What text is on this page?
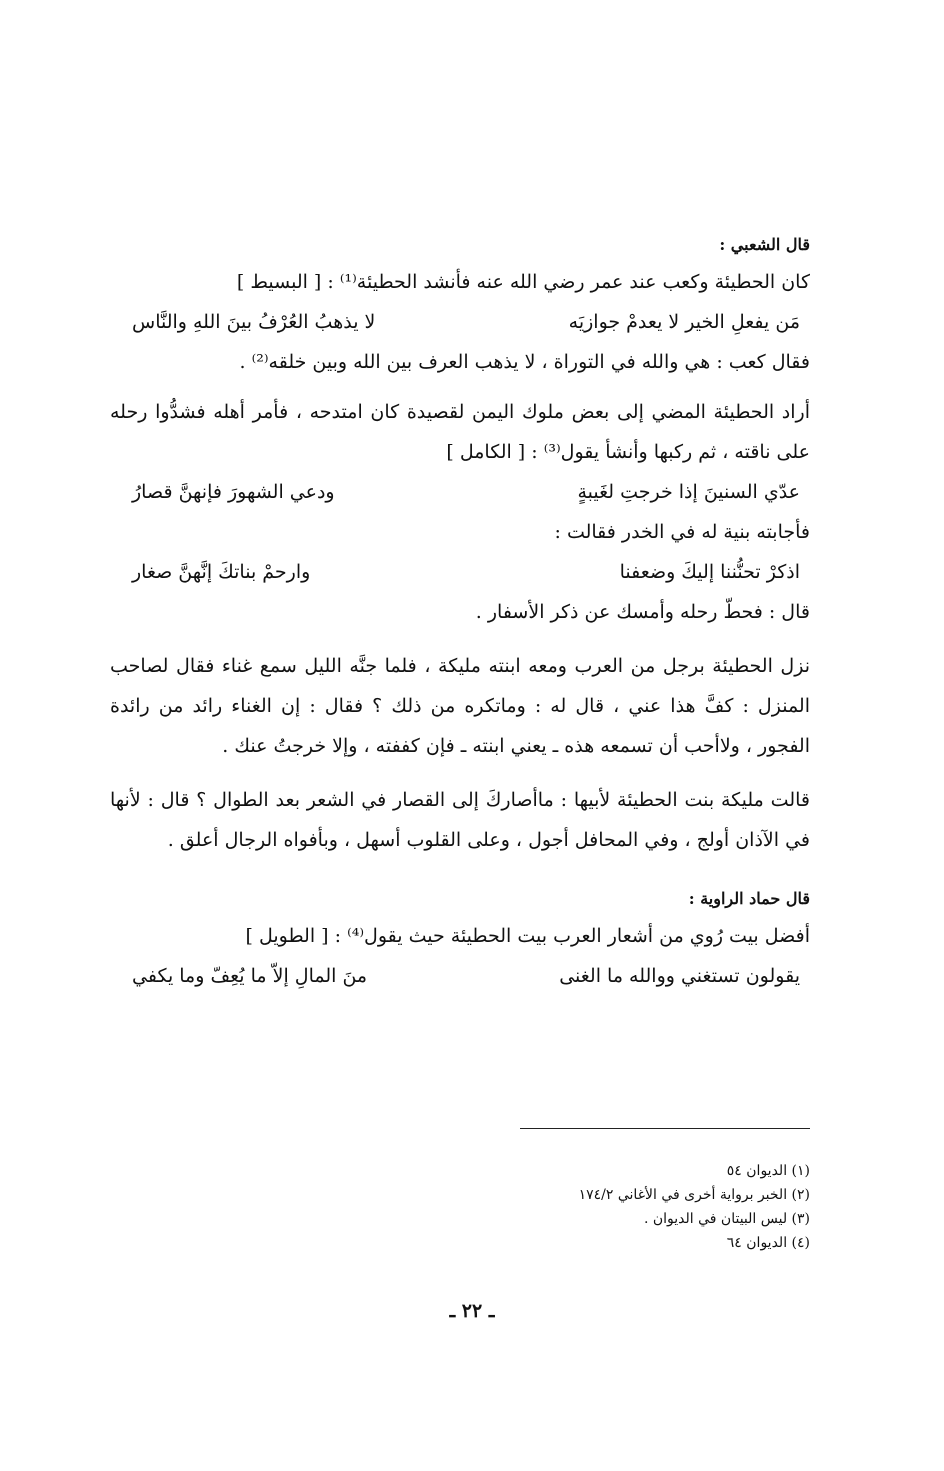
قال الشعبي :
كان الحطيئة وكعب عند عمر رضي الله عنه فأنشد الحطيئة⁽¹⁾ : [ البسيط ]
مَن يفعلِ الخير لا يعدمْ جوازيَه
لا يذهبُ العُرْفُ بينَ اللهِ والنَّاس
فقال كعب : هي والله في التوراة ، لا يذهب العرف بين الله وبين خلقه⁽²⁾ .

أراد الحطيئة المضي إلى بعض ملوك اليمن لقصيدة كان امتدحه ، فأمر أهله فشدُّوا رحله على ناقته ، ثم ركبها وأنشأ يقول⁽³⁾ : [ الكامل ]

عدّي السنينَ إذا خرجتِ لغَيبةٍ
ودعي الشهورَ فإنهنَّ قصارُ
فأجابته بنية له في الخدر فقالت :
اذكرْ تحنُّننا إليكَ وضعفنا
وارحمْ بناتكَ إنَّهنَّ صغار
قال : فحطّ رحله وأمسك عن ذكر الأسفار .

نزل الحطيئة برجل من العرب ومعه ابنته مليكة ، فلما جنَّه الليل سمع غناء فقال لصاحب المنزل : كفَّ هذا عني ، قال له : وماتكره من ذلك ؟ فقال : إن الغناء رائد من رائدة الفجور ، ولاأحب أن تسمعه هذه ـ يعني ابنته ـ فإن كففته ، وإلا خرجتُ عنك .

قالت مليكة بنت الحطيئة لأبيها : ماأصاركَ إلى القصار في الشعر بعد الطوال ؟ قال : لأنها في الآذان أولج ، وفي المحافل أجول ، وعلى القلوب أسهل ، وبأفواه الرجال أعلق .

قال حماد الراوية :
أفضل بيت رُوي من أشعار العرب بيت الحطيئة حيث يقول⁽⁴⁾ : [ الطويل ]
يقولون تستغني ووالله ما الغنى
منَ المالِ إلاّ ما يُعِفّ وما يكفي

(١) الديوان ٥٤

(٢) الخبر برواية أخرى في الأغاني ١٧٤/٢

(٣) ليس البيتان في الديوان .

(٤) الديوان ٦٤

ـ ٢٢ ـ
